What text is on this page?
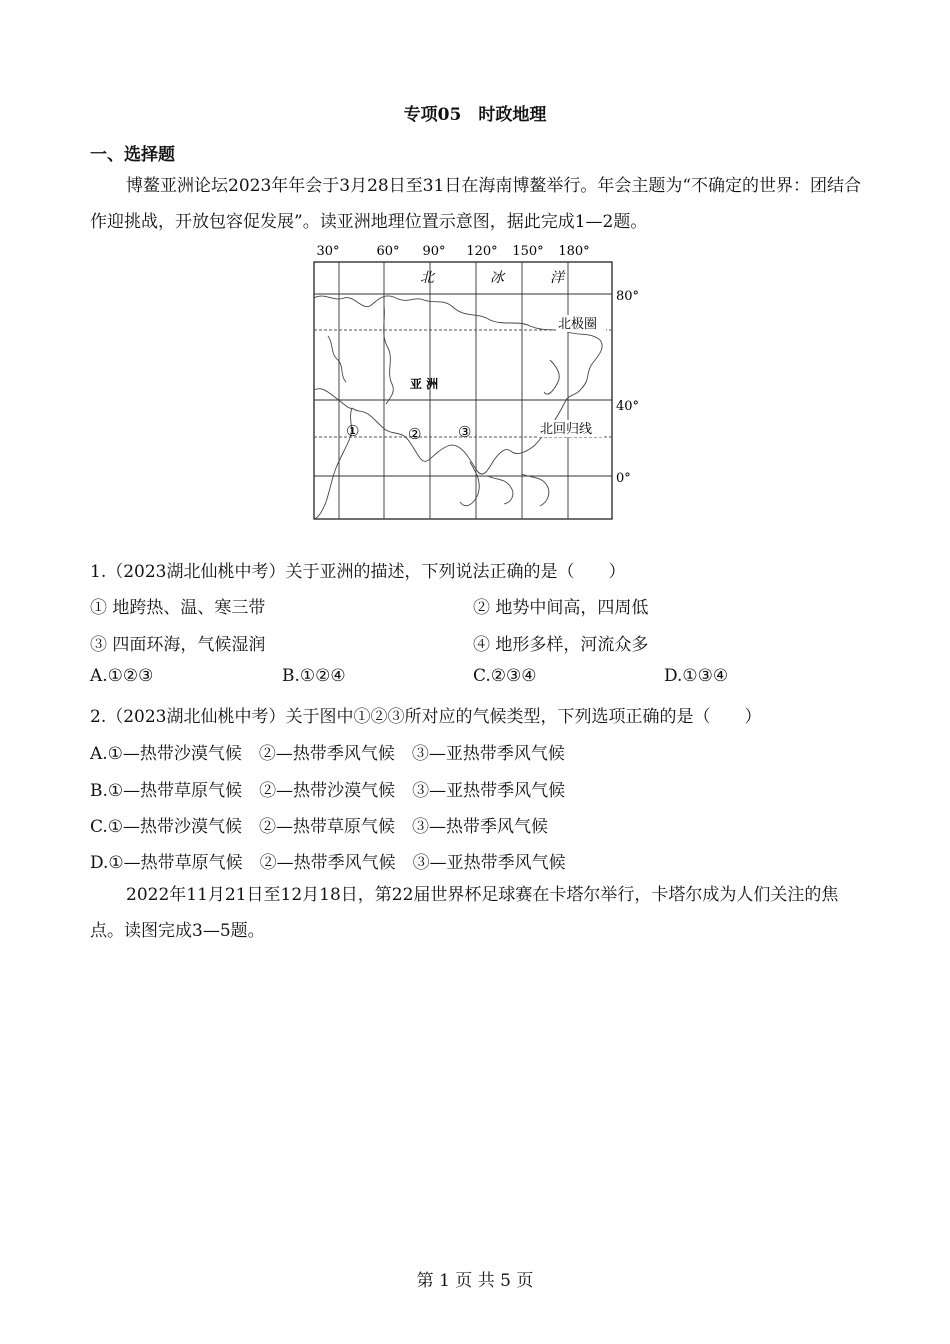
专项05　时政地理
一、选择题

博鳌亚洲论坛2023年年会于3月28日至31日在海南博鳌举行。年会主题为“不确定的世界：团结合作迎挑战，开放包容促发展”。读亚洲地理位置示意图，据此完成1—2题。

30°	60° 90° 120° 150° 180°
北	冰	洋
北极圈
北回归线
亚 洲
①	② ③
80°
40°
0°
1.（2023湖北仙桃中考）关于亚洲的描述，下列说法正确的是（　　）
① 地跨热、温、寒三带	② 地势中间高，四周低
③ 四面环海，气候湿润	④ 地形多样，河流众多
A.①②③	B.①②④	C.②③④	D.①③④
2.（2023湖北仙桃中考）关于图中①②③所对应的气候类型，下列选项正确的是（　　）
A.①—热带沙漠气候　②—热带季风气候　③—亚热带季风气候
B.①—热带草原气候　②—热带沙漠气候　③—亚热带季风气候
C.①—热带沙漠气候　②—热带草原气候　③—热带季风气候
D.①—热带草原气候　②—热带季风气候　③—亚热带季风气候

2022年11月21日至12月18日，第22届世界杯足球赛在卡塔尔举行，卡塔尔成为人们关注的焦点。读图完成3—5题。

第 1 页 共 5 页
